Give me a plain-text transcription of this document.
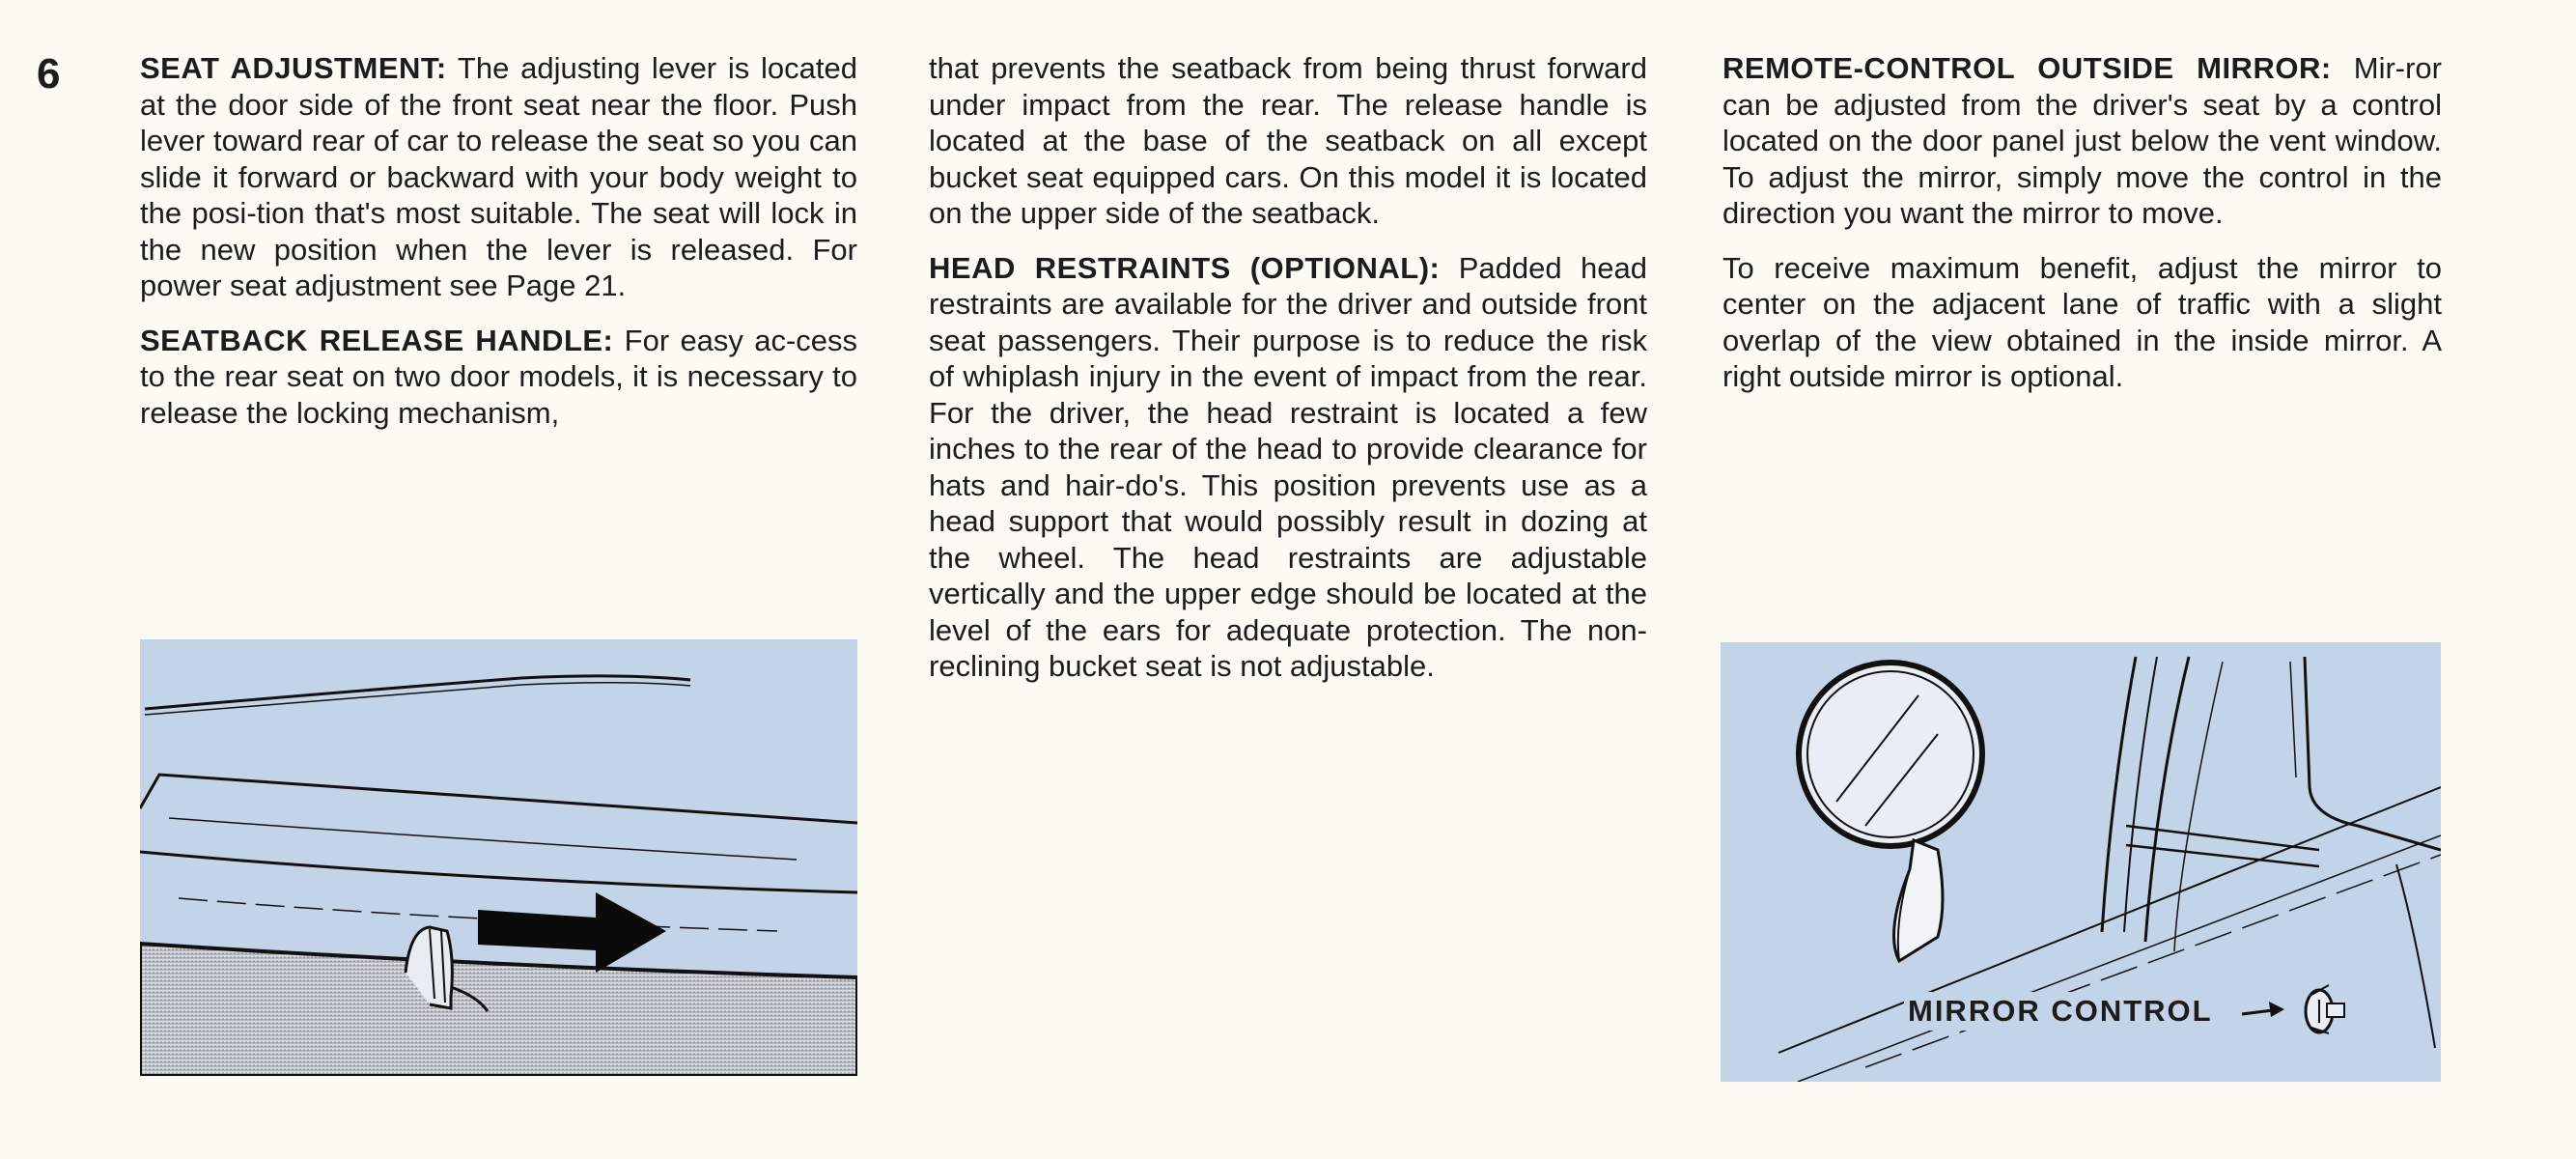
6	SEAT ADJUSTMENT: The adjusting lever is located at the door side of the front seat near the floor. Push lever toward rear of car to release the seat so you can slide it forward or backward with your body weight to the posi-tion that's most suitable. The seat will lock in the new position when the lever is released. For power seat adjustment see Page 21.

SEATBACK RELEASE HANDLE: For easy ac-cess to the rear seat on two door models, it is necessary to release the locking mechanism,

that prevents the seatback from being thrust forward under impact from the rear. The release handle is located at the base of the seatback on all except bucket seat equipped cars. On this model it is located on the upper side of the seatback.

HEAD RESTRAINTS (OPTIONAL): Padded head restraints are available for the driver and outside front seat passengers. Their purpose is to reduce the risk of whiplash injury in the event of impact from the rear. For the driver, the head restraint is located a few inches to the rear of the head to provide clearance for hats and hair-do's. This position prevents use as a head support that would possibly result in dozing at the wheel. The head restraints are adjustable vertically and the upper edge should be located at the level of the ears for adequate protection. The non-reclining bucket seat is not adjustable.

REMOTE-CONTROL OUTSIDE MIRROR: Mir-ror can be adjusted from the driver's seat by a control located on the door panel just below the vent window. To adjust the mirror, simply move the control in the direction you want the mirror to move.

To receive maximum benefit, adjust the mirror to center on the adjacent lane of traffic with a slight overlap of the view obtained in the inside mirror. A right outside mirror is optional.

MIRROR CONTROL
